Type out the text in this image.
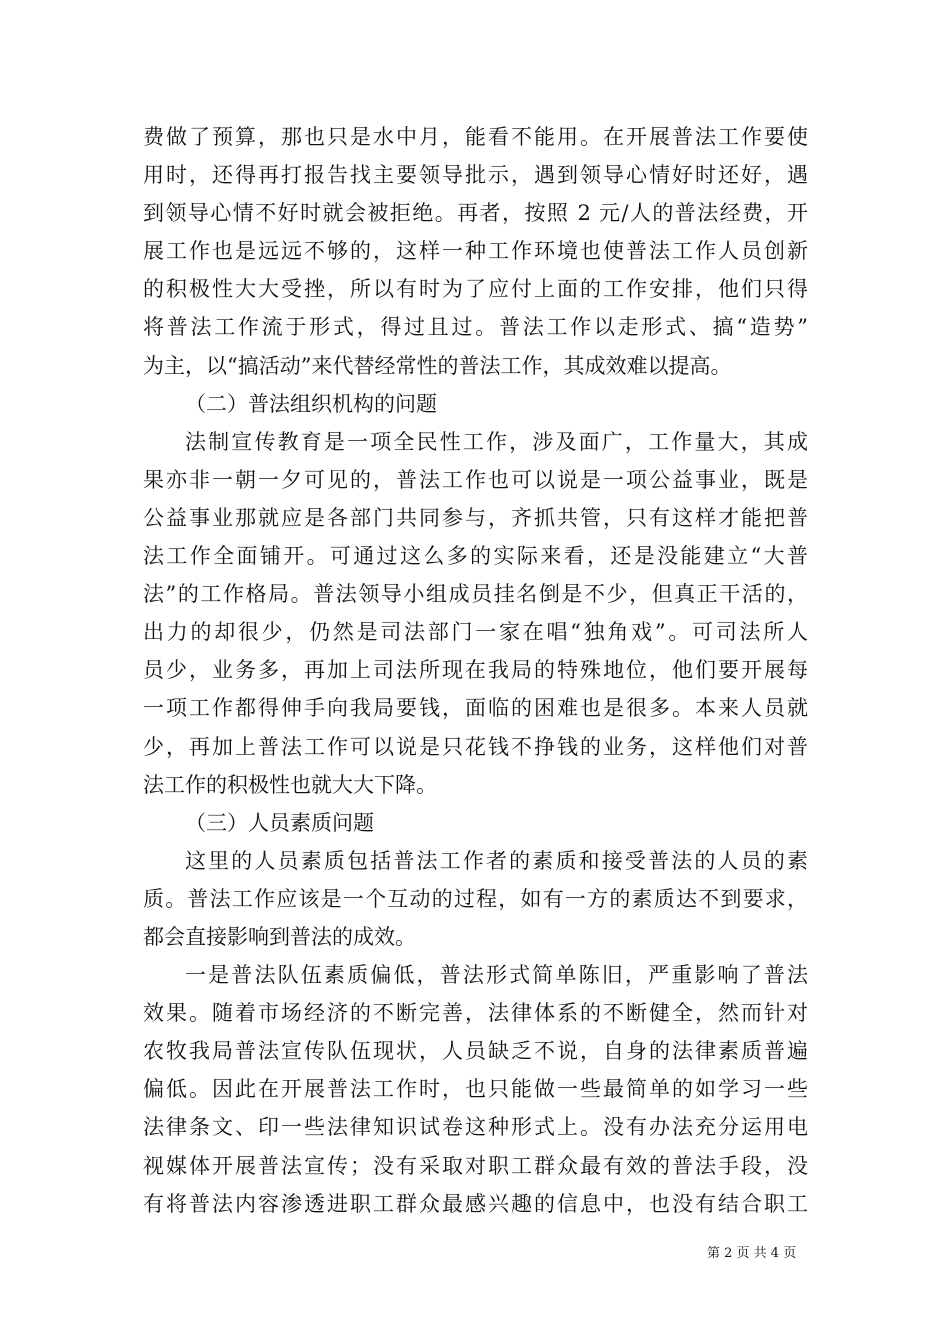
费做了预算，那也只是水中月，能看不能用。在开展普法工作要使
用时，还得再打报告找主要领导批示，遇到领导心情好时还好，遇
到领导心情不好时就会被拒绝。再者，按照 2 元/人的普法经费，开
展工作也是远远不够的，这样一种工作环境也使普法工作人员创新
的积极性大大受挫，所以有时为了应付上面的工作安排，他们只得
将普法工作流于形式，得过且过。普法工作以走形式、搞“造势”
为主，以“搞活动”来代替经常性的普法工作，其成效难以提高。
（二）普法组织机构的问题
法制宣传教育是一项全民性工作，涉及面广，工作量大，其成
果亦非一朝一夕可见的，普法工作也可以说是一项公益事业，既是
公益事业那就应是各部门共同参与，齐抓共管，只有这样才能把普
法工作全面铺开。可通过这么多的实际来看，还是没能建立“大普
法”的工作格局。普法领导小组成员挂名倒是不少，但真正干活的，
出力的却很少，仍然是司法部门一家在唱“独角戏”。可司法所人
员少，业务多，再加上司法所现在我局的特殊地位，他们要开展每
一项工作都得伸手向我局要钱，面临的困难也是很多。本来人员就
少，再加上普法工作可以说是只花钱不挣钱的业务，这样他们对普
法工作的积极性也就大大下降。
（三）人员素质问题
这里的人员素质包括普法工作者的素质和接受普法的人员的素
质。普法工作应该是一个互动的过程，如有一方的素质达不到要求，
都会直接影响到普法的成效。
一是普法队伍素质偏低，普法形式简单陈旧，严重影响了普法
效果。随着市场经济的不断完善，法律体系的不断健全，然而针对
农牧我局普法宣传队伍现状，人员缺乏不说，自身的法律素质普遍
偏低。因此在开展普法工作时，也只能做一些最简单的如学习一些
法律条文、印一些法律知识试卷这种形式上。没有办法充分运用电
视媒体开展普法宣传；没有采取对职工群众最有效的普法手段，没
有将普法内容渗透进职工群众最感兴趣的信息中，也没有结合职工
第 2 页 共 4 页
